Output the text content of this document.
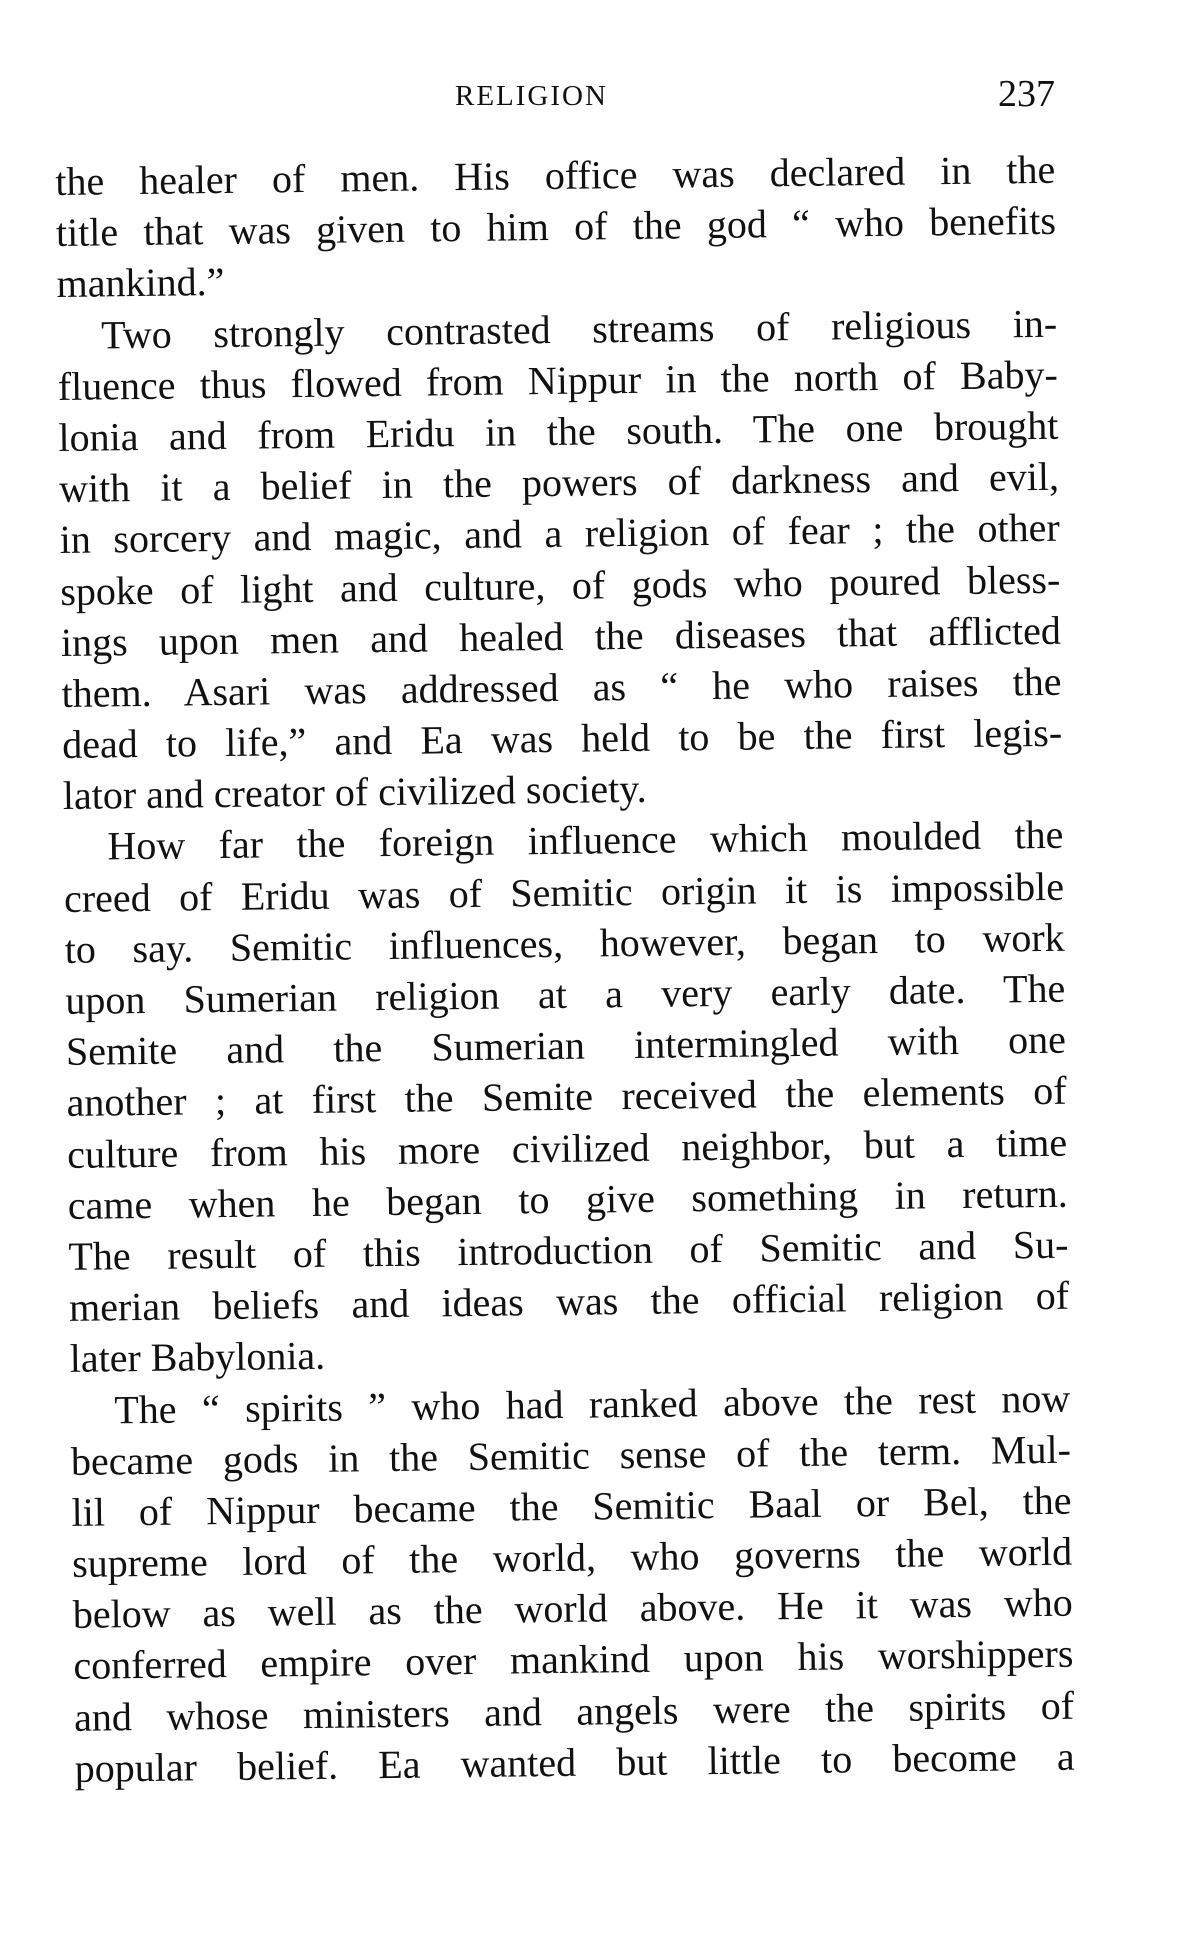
RELIGION	237
the healer of men. His office was declared in the
title that was given to him of the god “ who benefits
mankind.”
Two strongly contrasted streams of religious in-
fluence thus flowed from Nippur in the north of Baby-
lonia and from Eridu in the south. The one brought
with it a belief in the powers of darkness and evil,
in sorcery and magic, and a religion of fear ; the other
spoke of light and culture, of gods who poured bless-
ings upon men and healed the diseases that afflicted
them. Asari was addressed as “ he who raises the
dead to life,” and Ea was held to be the first legis-
lator and creator of civilized society.
How far the foreign influence which moulded the
creed of Eridu was of Semitic origin it is impossible
to say. Semitic influences, however, began to work
upon Sumerian religion at a very early date. The
Semite and the Sumerian intermingled with one
another ; at first the Semite received the elements of
culture from his more civilized neighbor, but a time
came when he began to give something in return.
The result of this introduction of Semitic and Su-
merian beliefs and ideas was the official religion of
later Babylonia.
The “ spirits ” who had ranked above the rest now
became gods in the Semitic sense of the term. Mul-
lil of Nippur became the Semitic Baal or Bel, the
supreme lord of the world, who governs the world
below as well as the world above. He it was who
conferred empire over mankind upon his worshippers
and whose ministers and angels were the spirits of
popular belief. Ea wanted but little to become a
